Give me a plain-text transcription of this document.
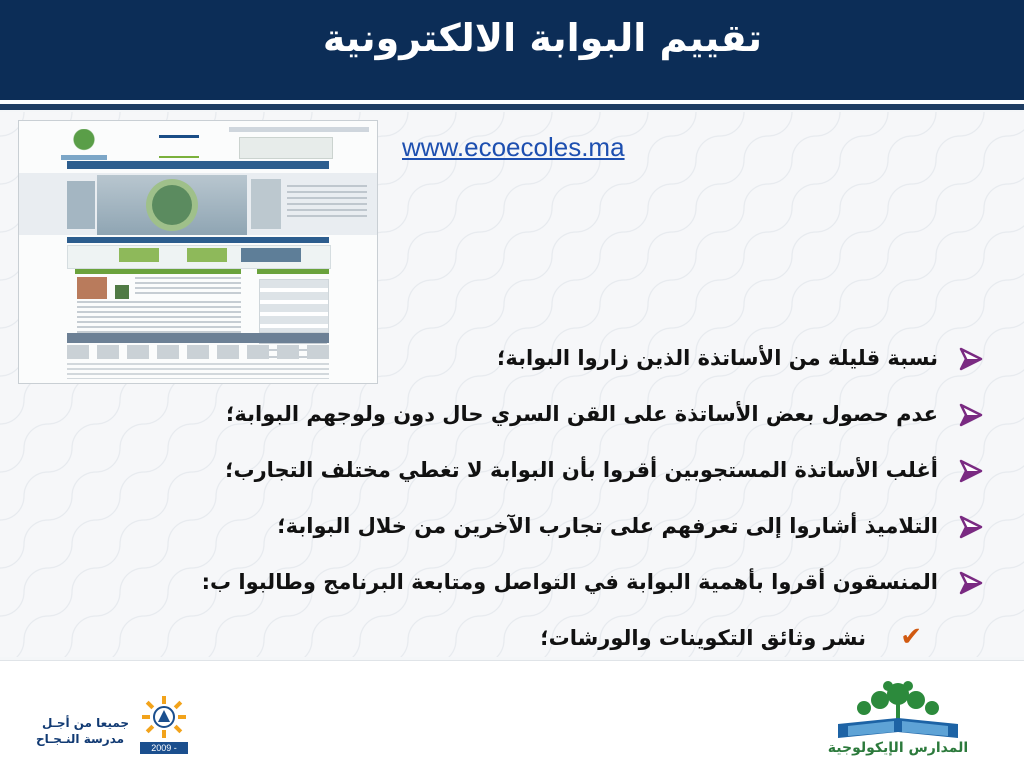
تقييم البوابة الالكترونية
www.ecoecoles.ma
نسبة قليلة من الأساتذة الذين زاروا البوابة؛
عدم حصول بعض الأساتذة على القن السري حال دون ولوجهم البوابة؛
أغلب الأساتذة المستجوبين أقروا بأن البوابة لا تغطي مختلف التجارب؛
التلاميذ أشاروا إلى تعرفهم على تجارب الآخرين من خلال البوابة؛
المنسقون أقروا بأهمية البوابة في التواصل ومتابعة البرنامج وطالبوا ب:
✔
نشر وثائق التكوينات والورشات؛
جميعا من أجـل
مدرسة النـجـاح
2009 - 2012
المدارس الإيكولوجية
